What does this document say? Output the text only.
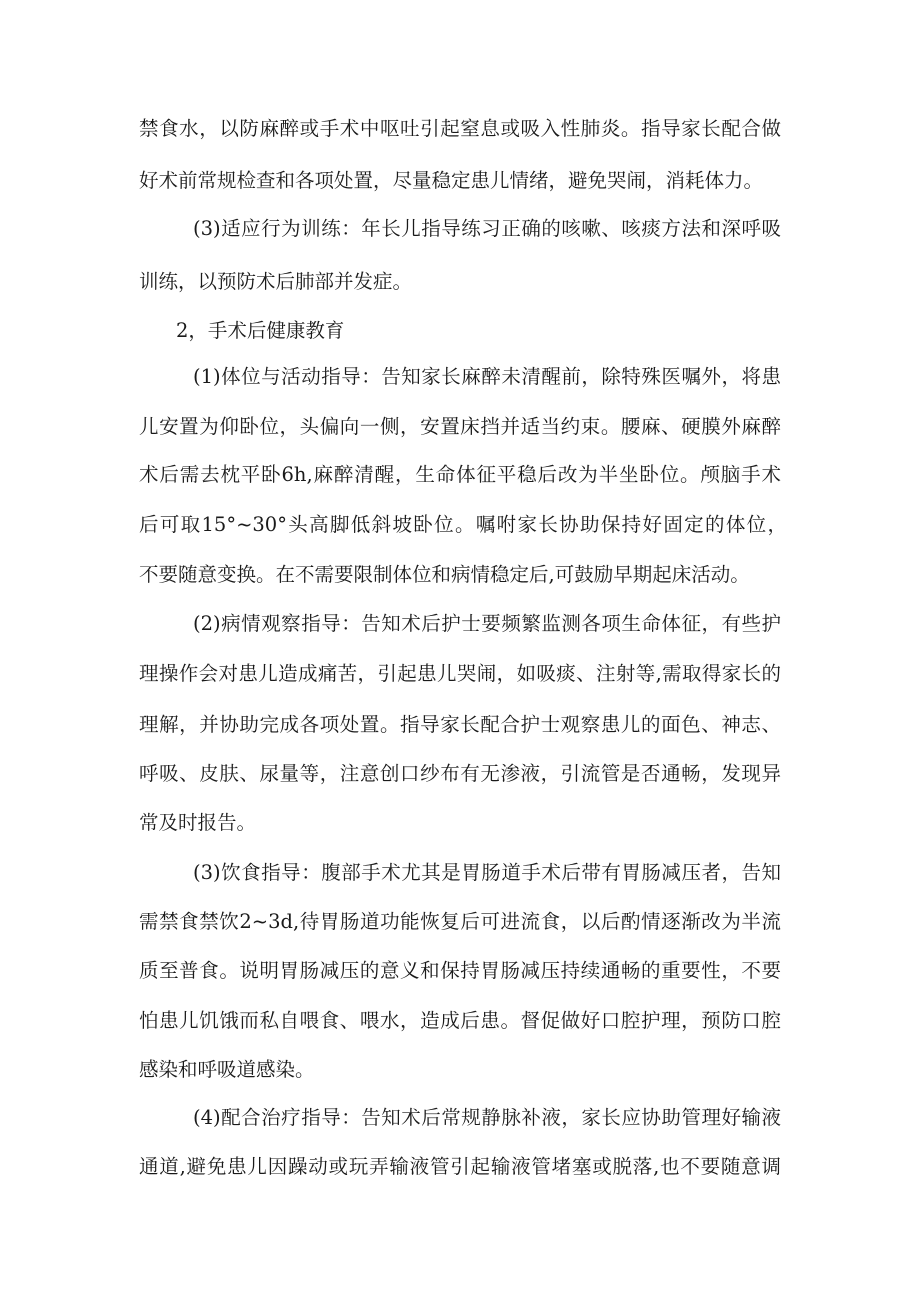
禁食水，以防麻醉或手术中呕吐引起窒息或吸入性肺炎。指导家长配合做
好术前常规检查和各项处置，尽量稳定患儿情绪，避免哭闹，消耗体力。
(3)适应行为训练：年长儿指导练习正确的咳嗽、咳痰方法和深呼吸
训练，以预防术后肺部并发症。
2，手术后健康教育
(1)体位与活动指导：告知家长麻醉未清醒前，除特殊医嘱外，将患
儿安置为仰卧位，头偏向一侧，安置床挡并适当约束。腰麻、硬膜外麻醉
术后需去枕平卧6h,麻醉清醒，生命体征平稳后改为半坐卧位。颅脑手术
后可取15°~30°头高脚低斜坡卧位。嘱咐家长协助保持好固定的体位，
不要随意变换。在不需要限制体位和病情稳定后,可鼓励早期起床活动。
(2)病情观察指导：告知术后护士要频繁监测各项生命体征，有些护
理操作会对患儿造成痛苦，引起患儿哭闹，如吸痰、注射等,需取得家长的
理解，并协助完成各项处置。指导家长配合护士观察患儿的面色、神志、
呼吸、皮肤、尿量等，注意创口纱布有无渗液，引流管是否通畅，发现异
常及时报告。
(3)饮食指导：腹部手术尤其是胃肠道手术后带有胃肠减压者，告知
需禁食禁饮2~3d,待胃肠道功能恢复后可进流食，以后酌情逐渐改为半流
质至普食。说明胃肠减压的意义和保持胃肠减压持续通畅的重要性，不要
怕患儿饥饿而私自喂食、喂水，造成后患。督促做好口腔护理，预防口腔
感染和呼吸道感染。
(4)配合治疗指导：告知术后常规静脉补液，家长应协助管理好输液
通道,避免患儿因躁动或玩弄输液管引起输液管堵塞或脱落,也不要随意调
